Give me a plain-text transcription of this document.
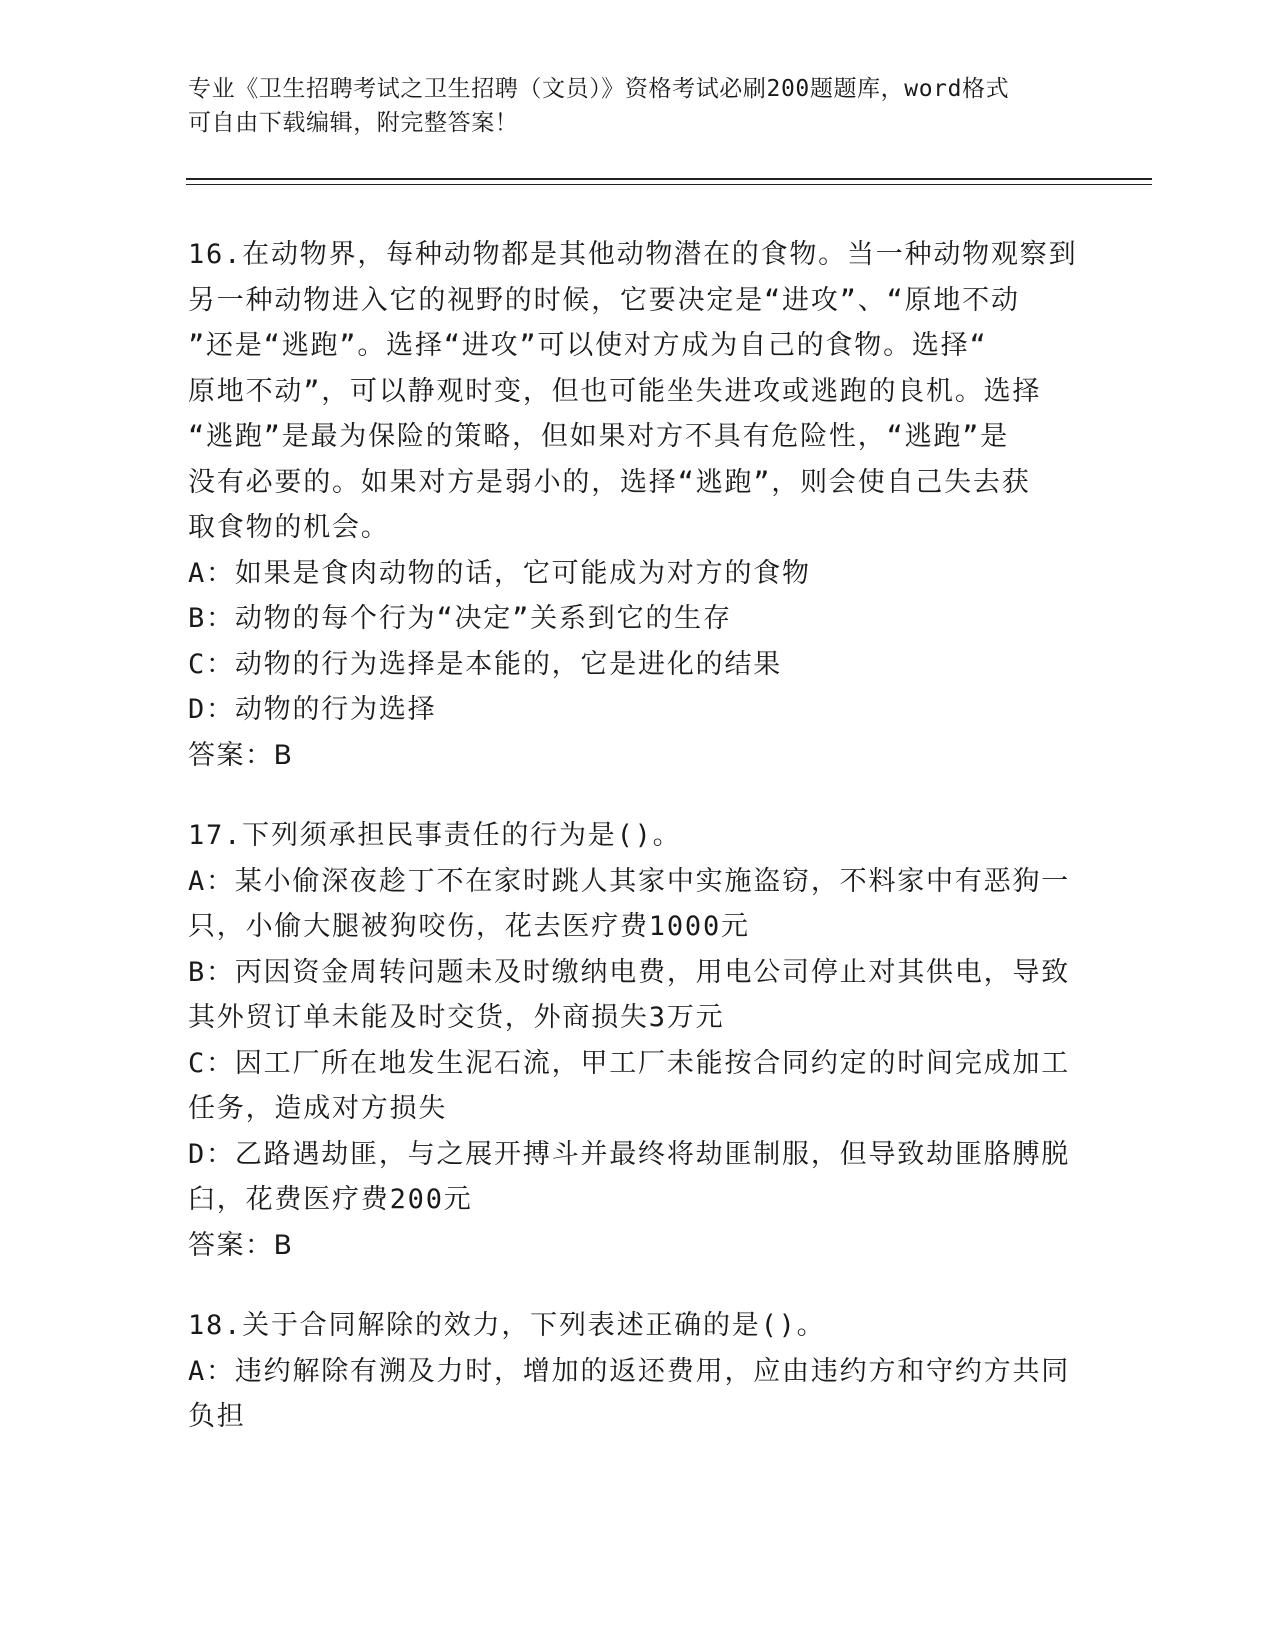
专业《卫生招聘考试之卫生招聘（文员）》资格考试必刷200题题库，word格式
可自由下载编辑，附完整答案！
16.在动物界，每种动物都是其他动物潜在的食物。当一种动物观察到
另一种动物进入它的视野的时候，它要决定是“进攻”、“原地不动
”还是“逃跑”。选择“进攻”可以使对方成为自己的食物。选择“
原地不动”，可以静观时变，但也可能坐失进攻或逃跑的良机。选择
“逃跑”是最为保险的策略，但如果对方不具有危险性，“逃跑”是
没有必要的。如果对方是弱小的，选择“逃跑”，则会使自己失去获
取食物的机会。
A：如果是食肉动物的话，它可能成为对方的食物
B：动物的每个行为“决定”关系到它的生存
C：动物的行为选择是本能的，它是进化的结果
D：动物的行为选择
答案：B
17.下列须承担民事责任的行为是()。
A：某小偷深夜趁丁不在家时跳人其家中实施盗窃，不料家中有恶狗一
只，小偷大腿被狗咬伤，花去医疗费1000元
B：丙因资金周转问题未及时缴纳电费，用电公司停止对其供电，导致
其外贸订单未能及时交货，外商损失3万元
C：因工厂所在地发生泥石流，甲工厂未能按合同约定的时间完成加工
任务，造成对方损失
D：乙路遇劫匪，与之展开搏斗并最终将劫匪制服，但导致劫匪胳膊脱
臼，花费医疗费200元
答案：B
18.关于合同解除的效力，下列表述正确的是()。
A：违约解除有溯及力时，增加的返还费用，应由违约方和守约方共同
负担
